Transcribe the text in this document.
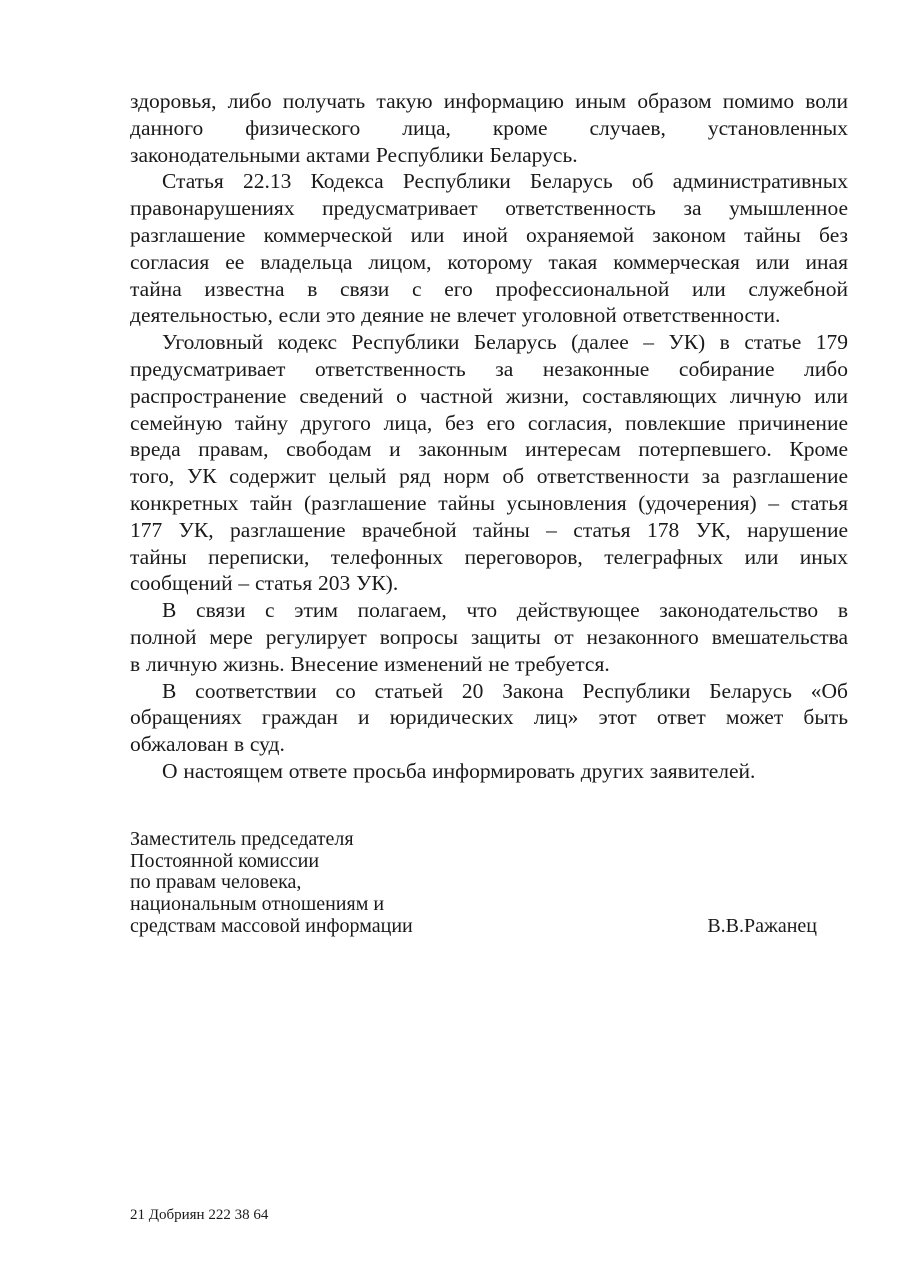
здоровья, либо получать такую информацию иным образом помимо воли
данного физического лица, кроме случаев, установленных
законодательными актами Республики Беларусь.
Статья 22.13 Кодекса Республики Беларусь об административных
правонарушениях предусматривает ответственность за умышленное
разглашение коммерческой или иной охраняемой законом тайны без
согласия ее владельца лицом, которому такая коммерческая или иная
тайна известна в связи с его профессиональной или служебной
деятельностью, если это деяние не влечет уголовной ответственности.
Уголовный кодекс Республики Беларусь (далее – УК) в статье 179
предусматривает ответственность за незаконные собирание либо
распространение сведений о частной жизни, составляющих личную или
семейную тайну другого лица, без его согласия, повлекшие причинение
вреда правам, свободам и законным интересам потерпевшего. Кроме
того, УК содержит целый ряд норм об ответственности за разглашение
конкретных тайн (разглашение тайны усыновления (удочерения) – статья
177 УК, разглашение врачебной тайны – статья 178 УК, нарушение
тайны переписки, телефонных переговоров, телеграфных или иных
сообщений – статья 203 УК).
В связи с этим полагаем, что действующее законодательство в
полной мере регулирует вопросы защиты от незаконного вмешательства
в личную жизнь. Внесение изменений не требуется.
В соответствии со статьей 20 Закона Республики Беларусь «Об
обращениях граждан и юридических лиц» этот ответ может быть
обжалован в суд.
О настоящем ответе просьба информировать других заявителей.
Заместитель председателя
Постоянной комиссии
по правам человека,
национальным отношениям и
средствам массовой информации	В.В.Ражанец
21 Добриян 222 38 64
